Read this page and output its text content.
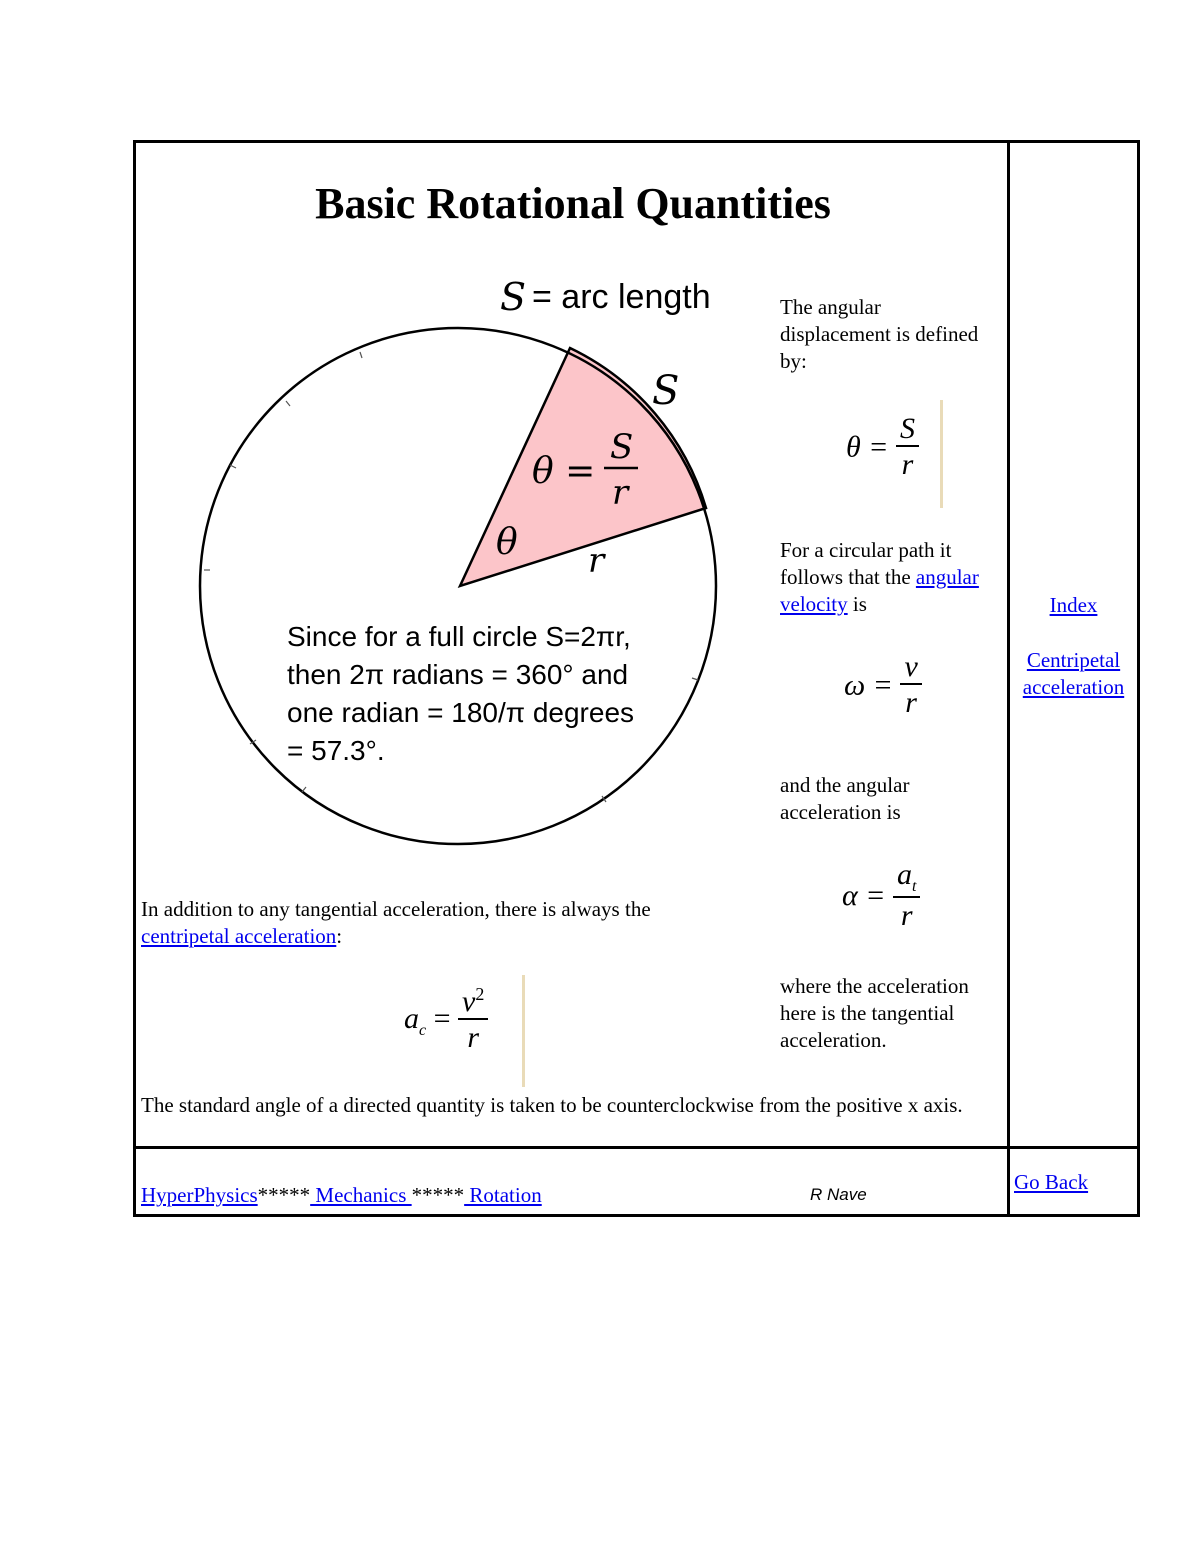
Basic Rotational Quantities
S = arc length
S
θ =
S
r
θ r
Since for a full circle S=2πr,
then 2π radians = 360° and
one radian = 180/π degrees
= 57.3°.
The angular displacement is defined by:
$\theta = \frac{S}{r}$
For a circular path it follows that the angular velocity is
$\omega = \frac{v}{r}$
and the angular acceleration is
$\alpha = \frac{a_t}{r}$
where the acceleration here is the tangential acceleration.
In addition to any tangential acceleration, there is always the centripetal acceleration:
$a_c = \frac{v^2}{r}$
The standard angle of a directed quantity is taken to be counterclockwise from the positive x axis.
Index
Centripetal
acceleration
HyperPhysics***** Mechanics ***** Rotation	R Nave
Go Back
